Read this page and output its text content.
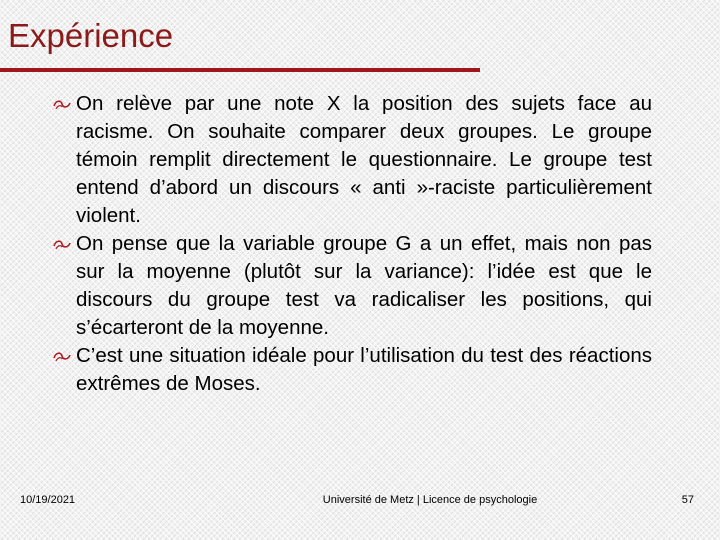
Expérience
On relève par une note X la position des sujets face au racisme. On souhaite comparer deux groupes. Le groupe témoin remplit directement le questionnaire. Le groupe test entend d’abord un discours « anti »-raciste particulièrement violent.
On pense que la variable groupe G a un effet, mais non pas sur la moyenne (plutôt sur la variance): l’idée est que le discours du groupe test va radicaliser les positions, qui s’écarteront de la moyenne.
C’est une situation idéale pour l’utilisation du test des réactions extrêmes de Moses.
10/19/2021	Université de Metz | Licence de psychologie	57
